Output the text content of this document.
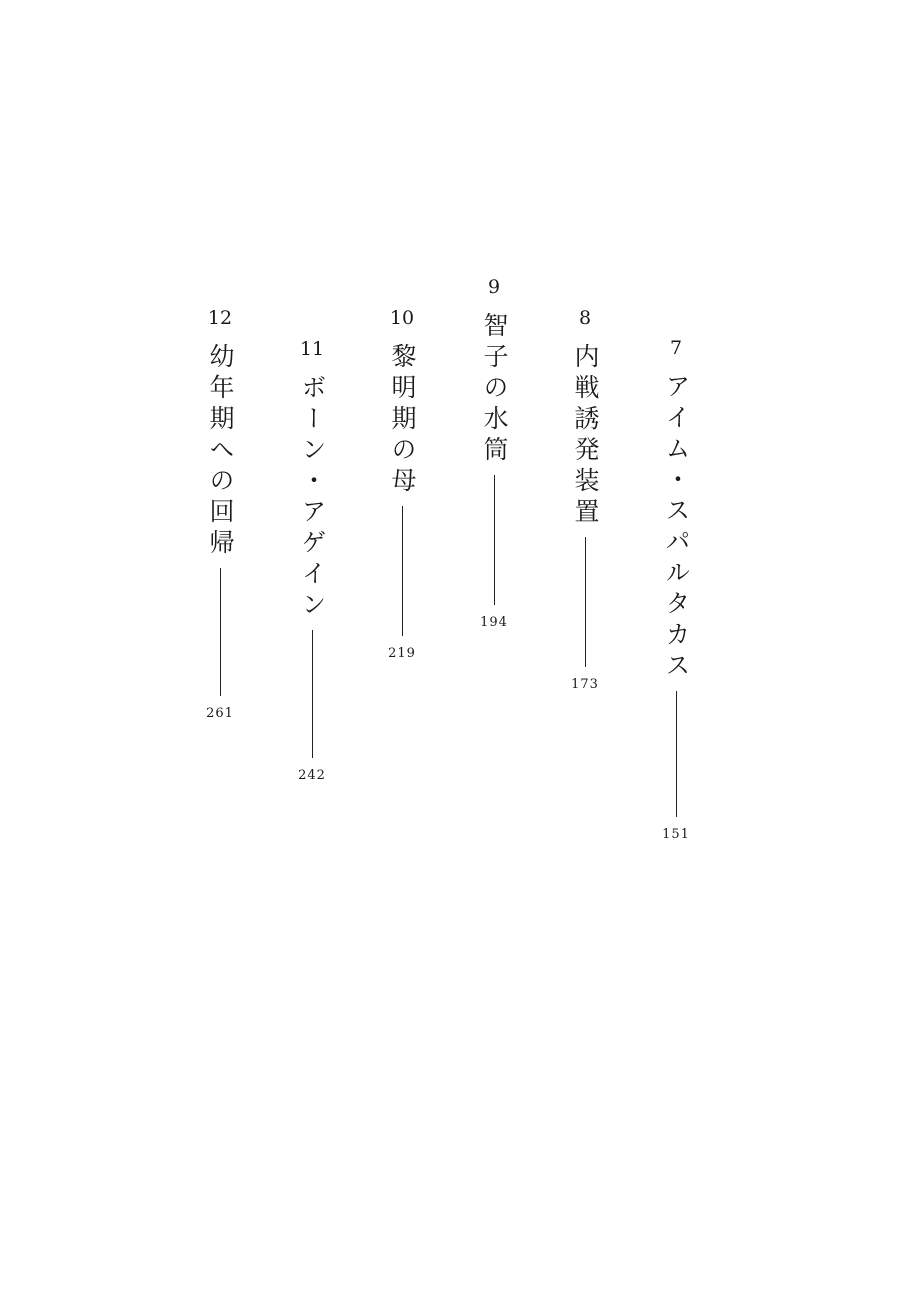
7
アイム・スパルタカス
151
8
内戦誘発装置
173
9
智子の水筒
194
10
黎明期の母
219
11
ボーン・アゲイン
242
12
幼年期への回帰
261
